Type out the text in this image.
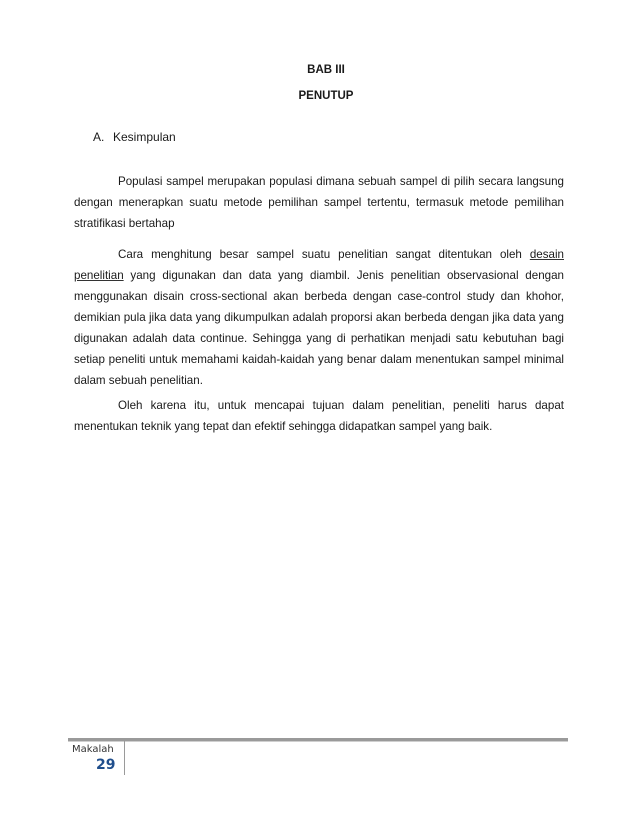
BAB III
PENUTUP
A. Kesimpulan

Populasi sampel merupakan populasi dimana sebuah sampel di pilih secara langsung dengan menerapkan suatu metode pemilihan sampel tertentu, termasuk metode pemilihan stratifikasi bertahap

Cara menghitung besar sampel suatu penelitian sangat ditentukan oleh desain penelitian yang digunakan dan data yang diambil. Jenis penelitian observasional dengan menggunakan disain cross-sectional akan berbeda dengan case-control study dan khohor, demikian pula jika data yang dikumpulkan adalah proporsi akan berbeda dengan jika data yang digunakan adalah data continue. Sehingga yang di perhatikan menjadi satu kebutuhan bagi setiap peneliti untuk memahami kaidah-kaidah yang benar dalam menentukan sampel minimal dalam sebuah penelitian.

Oleh karena itu, untuk mencapai tujuan dalam penelitian, peneliti harus dapat menentukan teknik yang tepat dan efektif sehingga didapatkan sampel yang baik.

Makalah
29
